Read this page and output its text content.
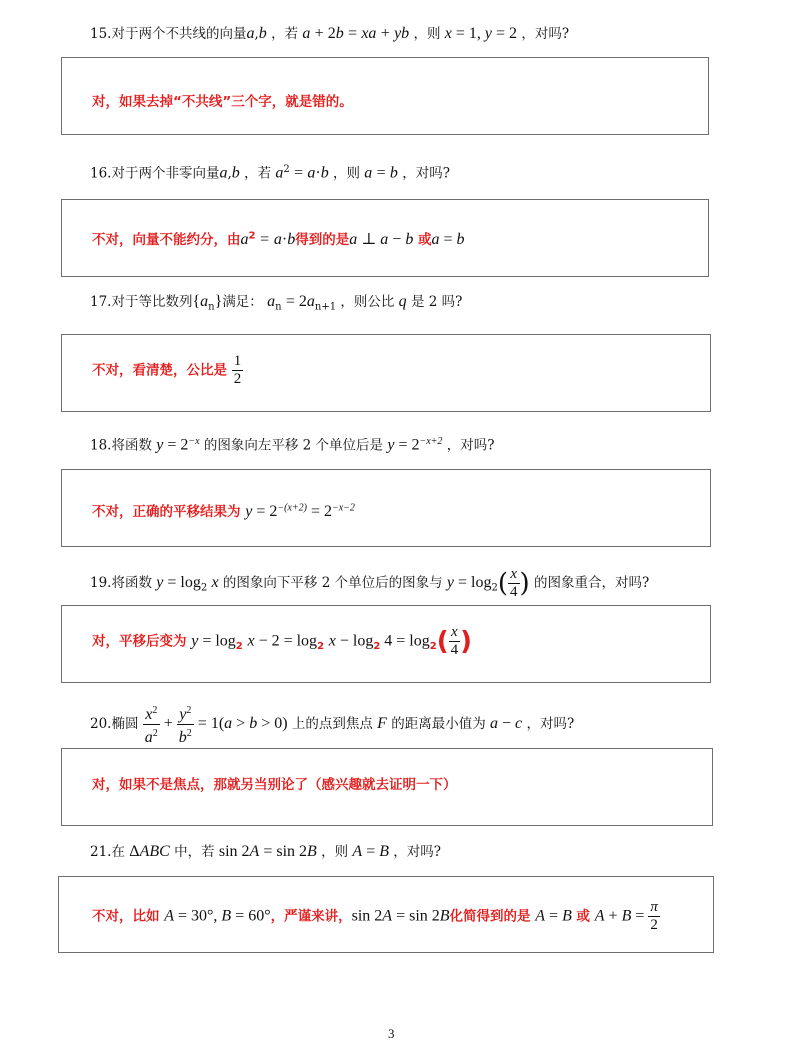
15.对于两个不共线的向量a,b ，若 a + 2b = xa + yb ，则 x = 1, y = 2 ，对吗?
对，如果去掉“不共线”三个字，就是错的。
16.对于两个非零向量a,b ，若 $a^2 = a\cdot b$ ，则 a = b ，对吗?
不对，向量不能约分，由$a^2 = a\cdot b$得到的是a ⊥ a − b 或a = b
17.对于等比数列$\{a_n\}$满足： $a_n = 2a_{n+1}$ ，则公比 q 是 2 吗?
不对，看清楚，公比是 $\frac{1}{2}$
18.将函数 $y = 2^{-x}$ 的图象向左平移 2 个单位后是 $y = 2^{-x+2}$ ，对吗?
不对，正确的平移结果为 $y = 2^{-(x+2)} = 2^{-x-2}$
19.将函数 $y = \log_2 x$ 的图象向下平移 2 个单位后的图象与 $y = \log_2( \frac{x}{4}$ ) 的图象重合，对吗?
对，平移后变为 $y = \log_2 x - 2 = \log_2 x - \log_2 4 = \log_2( \frac{x}{4}$ )
20.椭圆 $\frac{x^2}{a^2} + \frac{y^2}{b^2} = 1(a > b > 0)$ 上的点到焦点 F 的距离最小值为 a − c ，对吗?
对，如果不是焦点，那就另当别论了（感兴趣就去证明一下）
21.在 ΔABC 中，若 sin 2A = sin 2B ，则 A = B ，对吗?
不对，比如 A = 30°, B = 60°，严谨来讲，sin 2A = sin 2B化简得到的是 A = B 或 $A + B = \frac{\pi}{2}$
3
